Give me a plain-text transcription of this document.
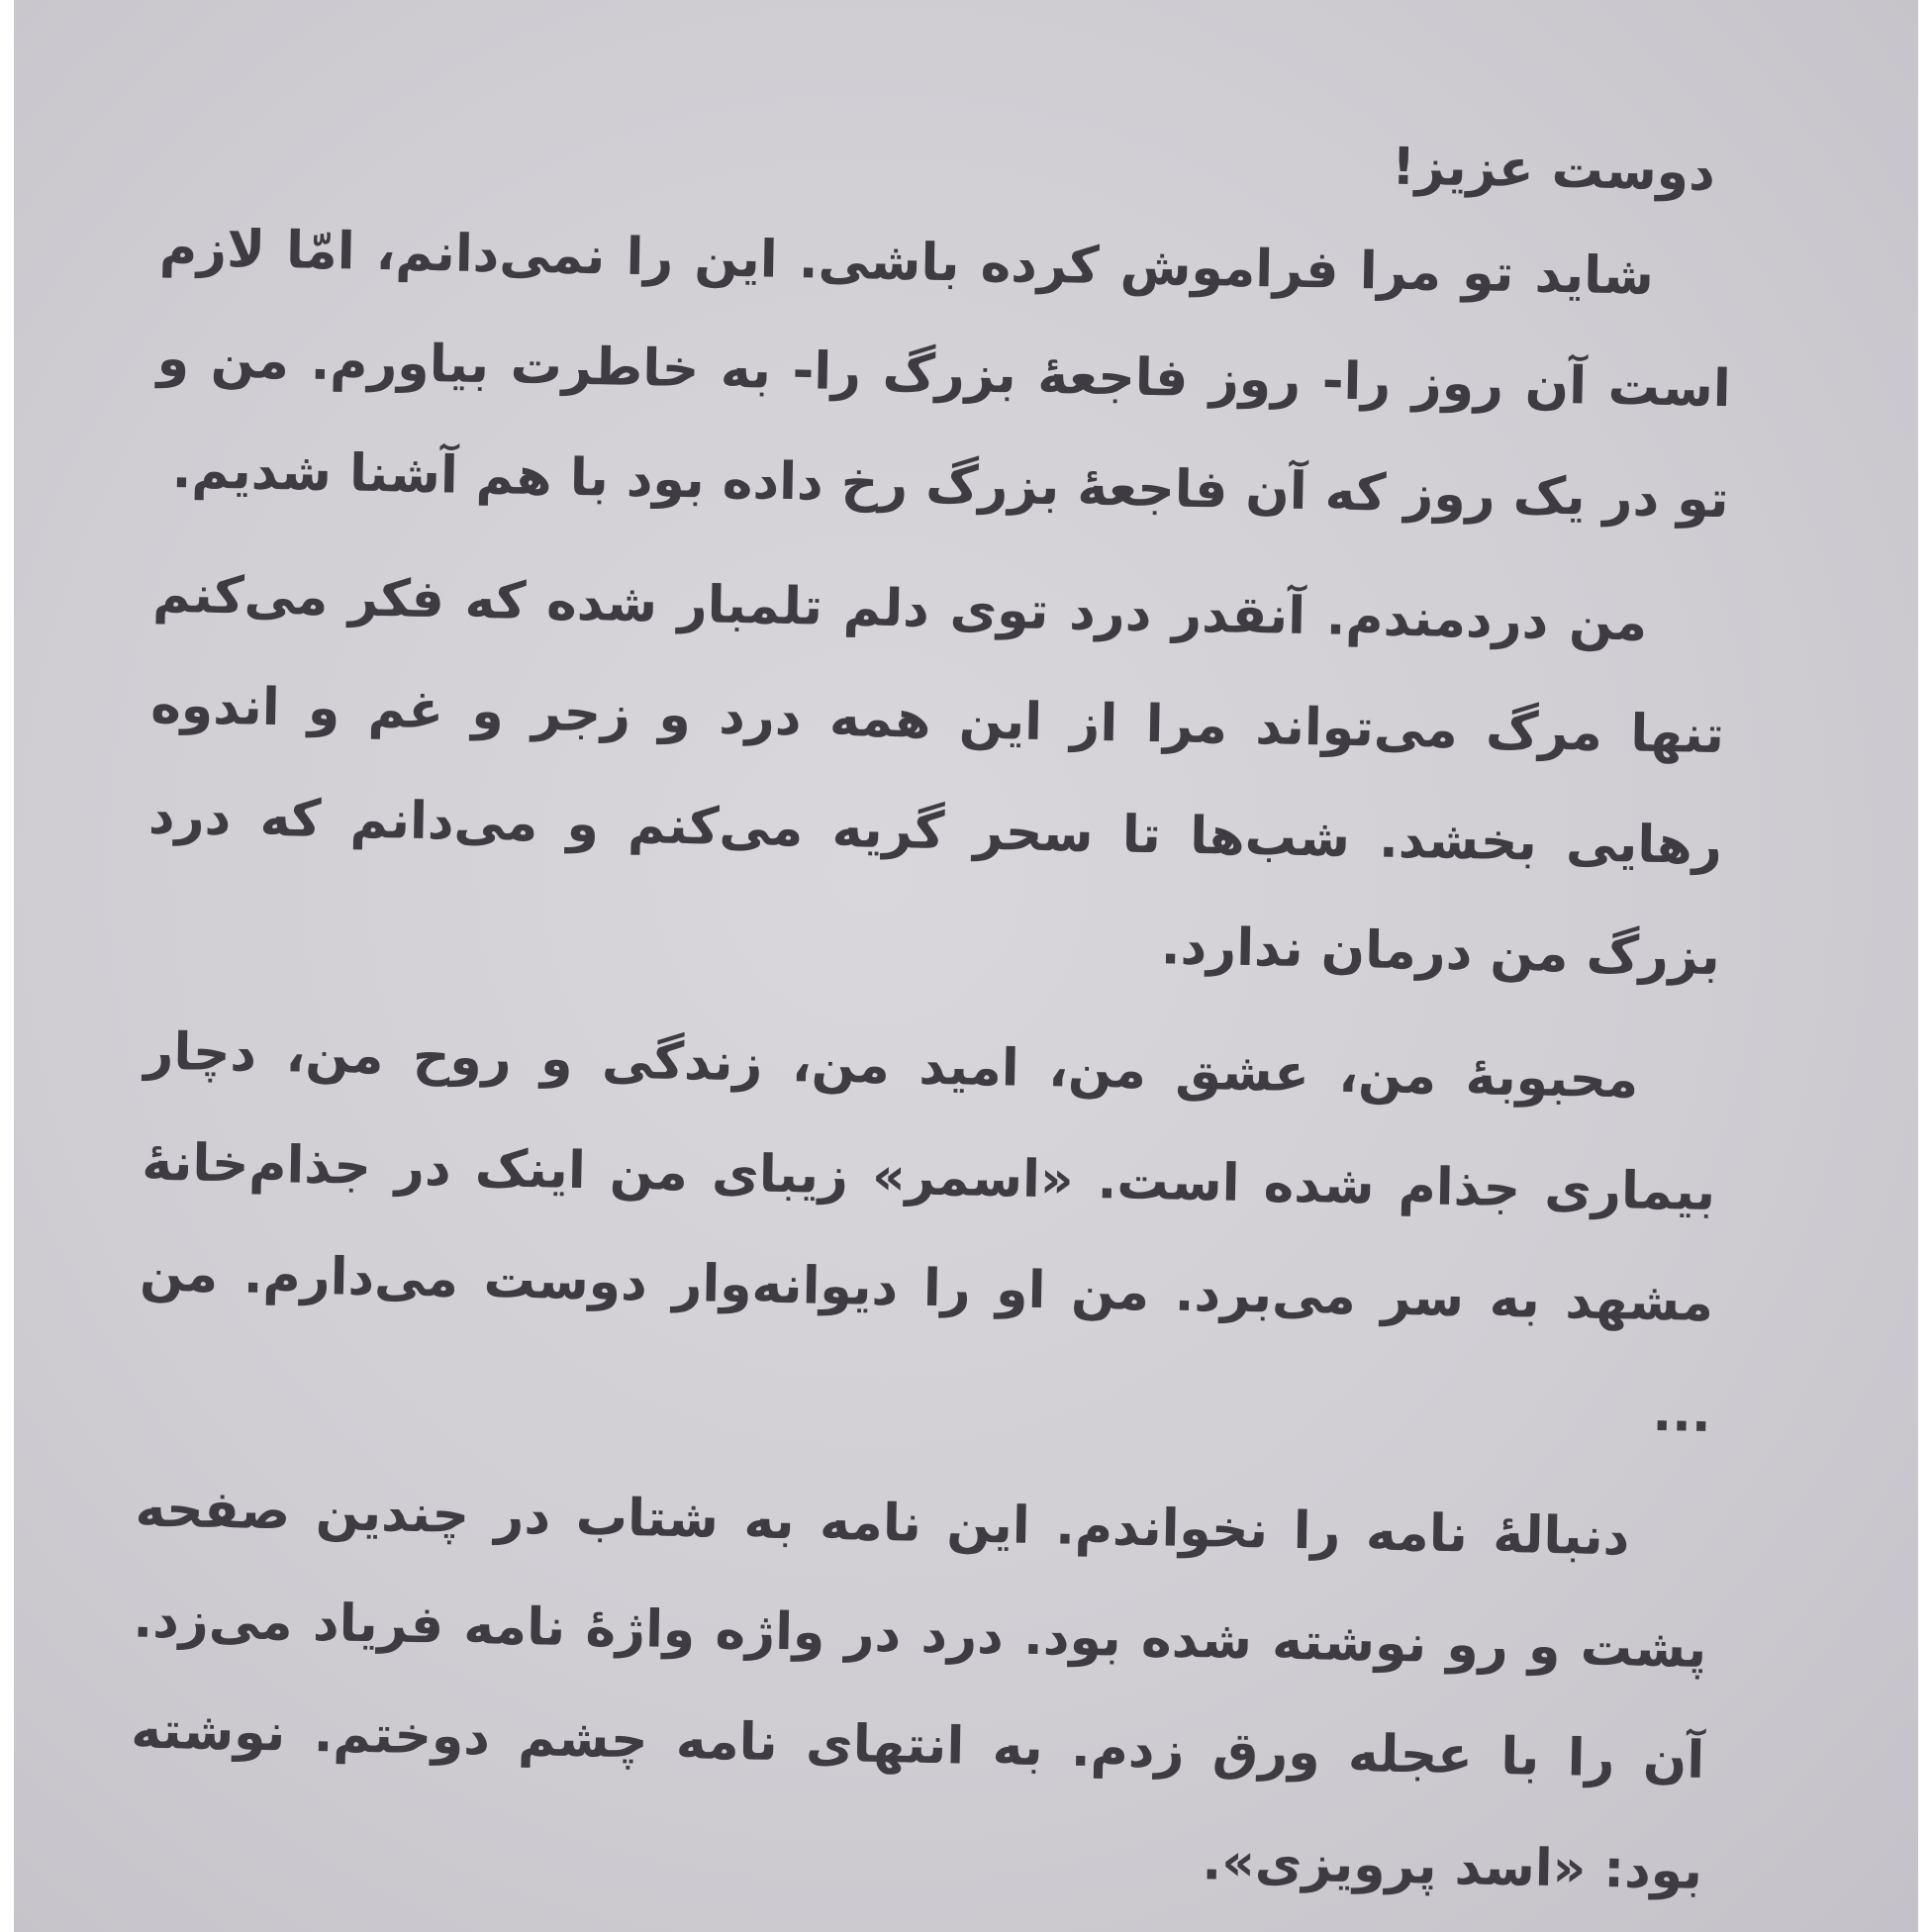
دوست عزیز!

شاید تو مرا فراموش کرده باشی. این را نمی‌دانم، امّا لازم است آن روز را- روز فاجعهٔ بزرگ را- به خاطرت بیاورم. من و تو در یک روز که آن فاجعهٔ بزرگ رخ داده بود با هم آشنا شدیم.

من دردمندم. آنقدر درد توی دلم تلمبار شده که فکر می‌کنم تنها مرگ می‌تواند مرا از این همه درد و زجر و غم و اندوه رهایی بخشد. شب‌ها تا سحر گریه می‌کنم و می‌دانم که درد بزرگ من درمان ندارد.

محبوبهٔ من، عشق من، امید من، زندگی و روح من، دچار بیماری جذام شده است. «اسمر» زیبای من اینک در جذام‌خانهٔ مشهد به سر می‌برد. من او را دیوانه‌وار دوست می‌دارم. من ...

دنبالهٔ نامه را نخواندم. این نامه به شتاب در چندین صفحه پشت و رو نوشته شده بود. درد در واژه واژهٔ نامه فریاد می‌زد. آن را با عجله ورق زدم. به انتهای نامه چشم دوختم. نوشته بود: «اسد پرویزی».
